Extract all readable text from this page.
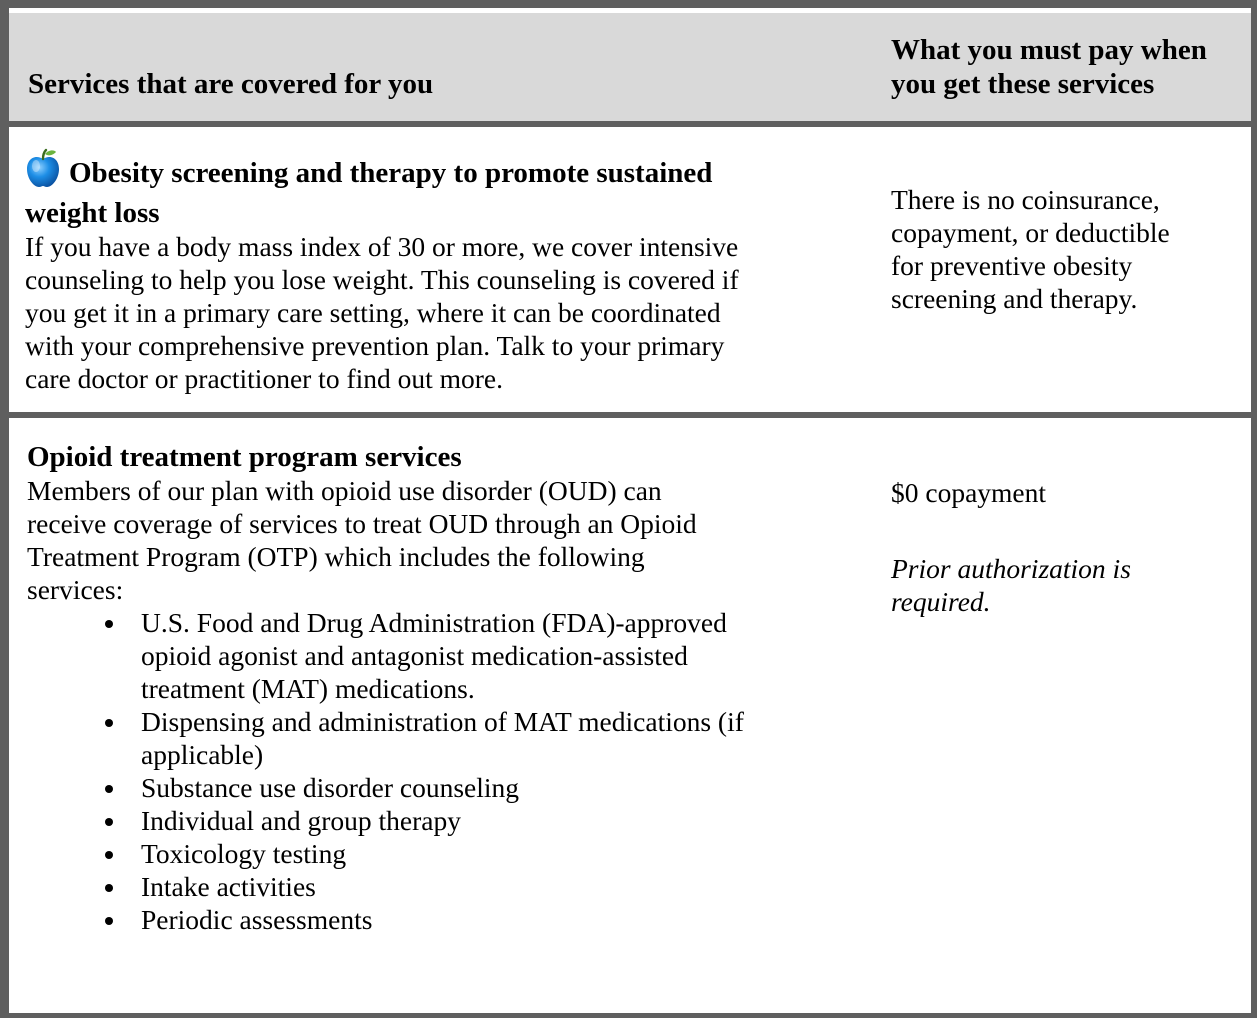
Services that are covered for you
What you must pay when
you get these services
Obesity screening and therapy to promote sustained
weight loss
If you have a body mass index of 30 or more, we cover intensive
counseling to help you lose weight. This counseling is covered if
you get it in a primary care setting, where it can be coordinated
with your comprehensive prevention plan. Talk to your primary
care doctor or practitioner to find out more.
There is no coinsurance,
copayment, or deductible
for preventive obesity
screening and therapy.
Opioid treatment program services
Members of our plan with opioid use disorder (OUD) can
receive coverage of services to treat OUD through an Opioid
Treatment Program (OTP) which includes the following
services:
U.S. Food and Drug Administration (FDA)-approved
opioid agonist and antagonist medication-assisted
treatment (MAT) medications.
Dispensing and administration of MAT medications (if
applicable)
Substance use disorder counseling
Individual and group therapy
Toxicology testing
Intake activities
Periodic assessments
$0 copayment
Prior authorization is
required.
